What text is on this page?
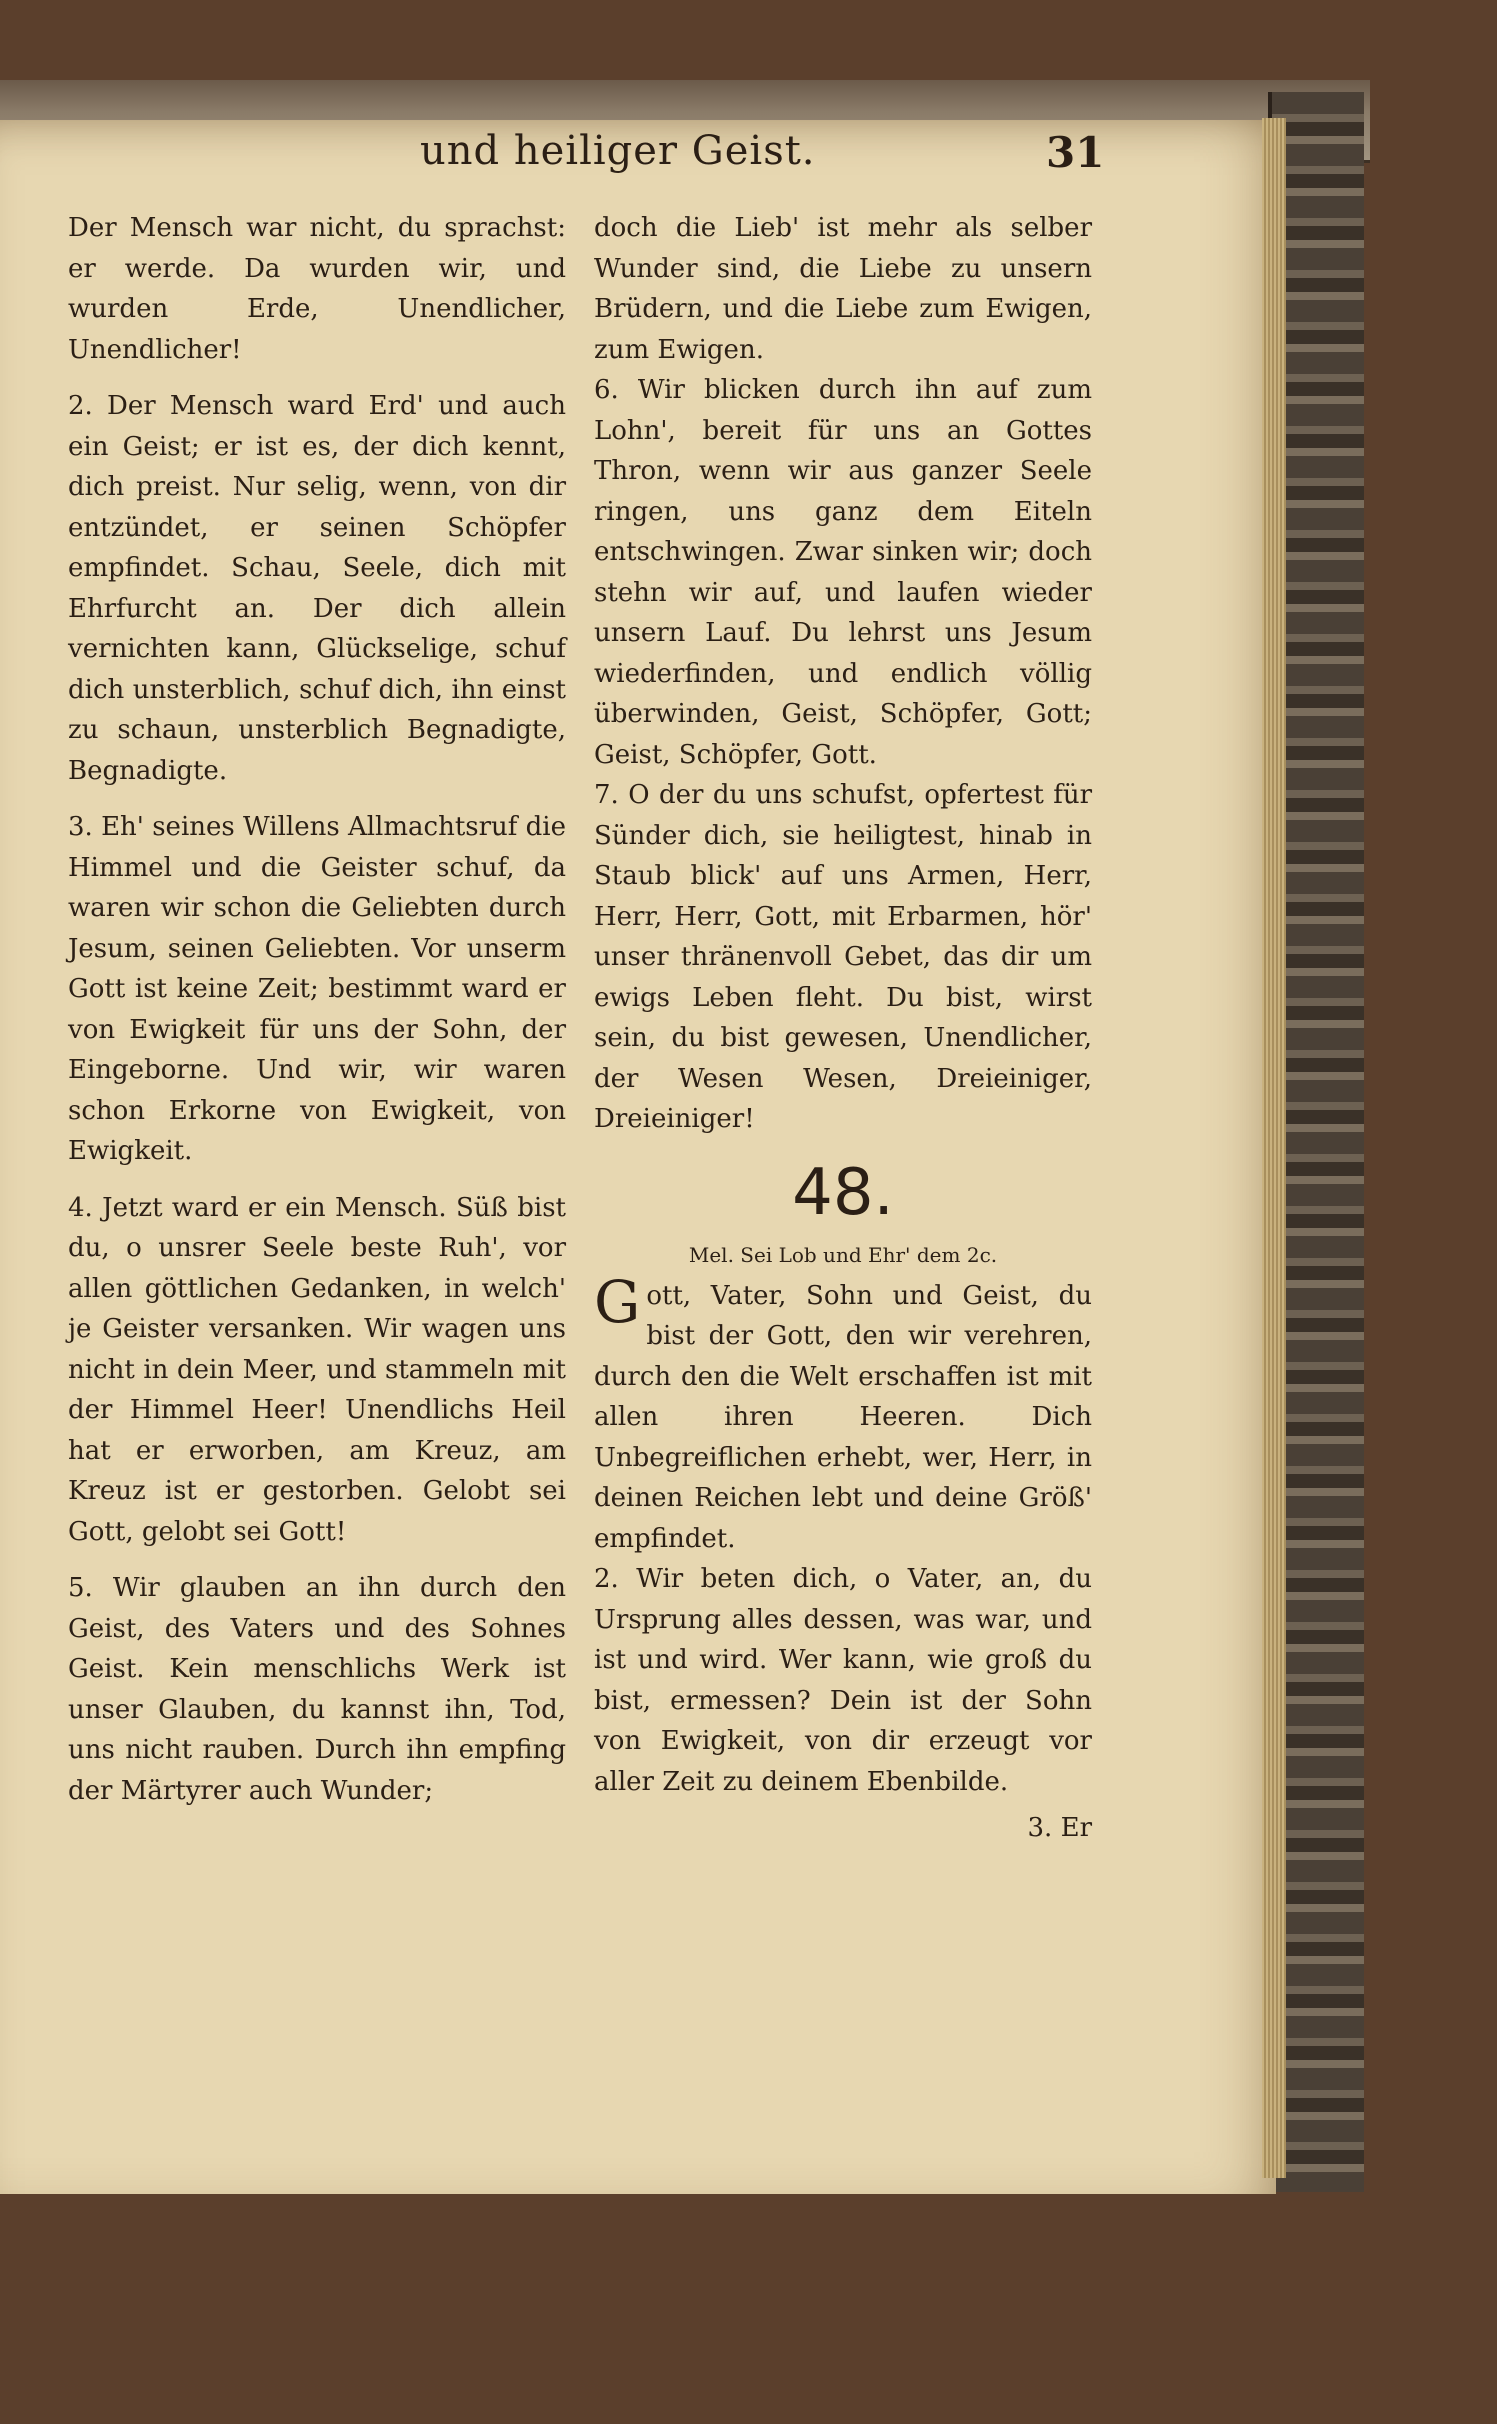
und heiliger Geist.	31

Der Mensch war nicht, du sprachst: er werde. Da wurden wir, und wurden Erde, Unendlicher, Unendlicher!

2. Der Mensch ward Erd' und auch ein Geist; er ist es, der dich kennt, dich preist. Nur selig, wenn, von dir entzündet, er seinen Schöpfer empfindet. Schau, Seele, dich mit Ehrfurcht an. Der dich allein vernichten kann, Glückselige, schuf dich unsterblich, schuf dich, ihn einst zu schaun, unsterblich Begnadigte, Begnadigte.

3. Eh' seines Willens Allmachtsruf die Himmel und die Geister schuf, da waren wir schon die Geliebten durch Jesum, seinen Geliebten. Vor unserm Gott ist keine Zeit; bestimmt ward er von Ewigkeit für uns der Sohn, der Eingeborne. Und wir, wir waren schon Erkorne von Ewigkeit, von Ewigkeit.

4. Jetzt ward er ein Mensch. Süß bist du, o unsrer Seele beste Ruh', vor allen göttlichen Gedanken, in welch' je Geister versanken. Wir wagen uns nicht in dein Meer, und stammeln mit der Himmel Heer! Unendlichs Heil hat er erworben, am Kreuz, am Kreuz ist er gestorben. Gelobt sei Gott, gelobt sei Gott!

5. Wir glauben an ihn durch den Geist, des Vaters und des Sohnes Geist. Kein menschlichs Werk ist unser Glauben, du kannst ihn, Tod, uns nicht rauben. Durch ihn empfing der Märtyrer auch Wunder;

doch die Lieb' ist mehr als selber Wunder sind, die Liebe zu unsern Brüdern, und die Liebe zum Ewigen, zum Ewigen.

6. Wir blicken durch ihn auf zum Lohn', bereit für uns an Gottes Thron, wenn wir aus ganzer Seele ringen, uns ganz dem Eiteln entschwingen. Zwar sinken wir; doch stehn wir auf, und laufen wieder unsern Lauf. Du lehrst uns Jesum wiederfinden, und endlich völlig überwinden, Geist, Schöpfer, Gott; Geist, Schöpfer, Gott.

7. O der du uns schufst, opfertest für Sünder dich, sie heiligtest, hinab in Staub blick' auf uns Armen, Herr, Herr, Herr, Gott, mit Erbarmen, hör' unser thränenvoll Gebet, das dir um ewigs Leben fleht. Du bist, wirst sein, du bist gewesen, Unendlicher, der Wesen Wesen, Dreieiniger, Dreieiniger!

48.
Mel. Sei Lob und Ehr' dem 2c.

Gott, Vater, Sohn und Geist, du bist der Gott, den wir verehren, durch den die Welt erschaffen ist mit allen ihren Heeren. Dich Unbegreiflichen erhebt, wer, Herr, in deinen Reichen lebt und deine Größ' empfindet.

2. Wir beten dich, o Vater, an, du Ursprung alles dessen, was war, und ist und wird. Wer kann, wie groß du bist, ermessen? Dein ist der Sohn von Ewigkeit, von dir erzeugt vor aller Zeit zu deinem Ebenbilde.

3. Er
